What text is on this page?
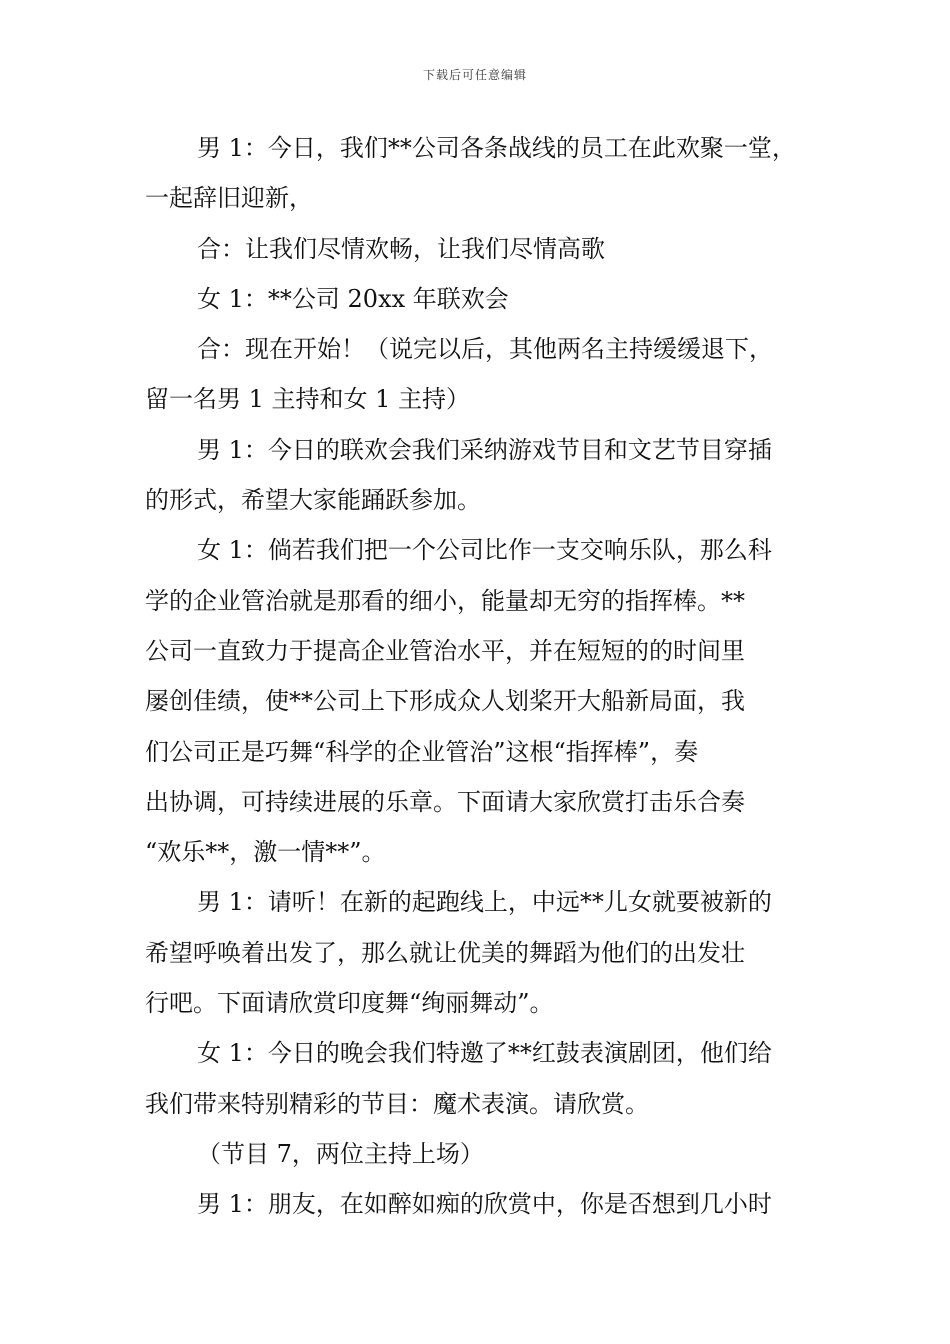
下载后可任意编辑
男 1：今日，我们**公司各条战线的员工在此欢聚一堂，
一起辞旧迎新，
合：让我们尽情欢畅，让我们尽情高歌
女 1：**公司 20xx 年联欢会
合：现在开始！（说完以后，其他两名主持缓缓退下，
留一名男 1 主持和女 1 主持）
男 1：今日的联欢会我们采纳游戏节目和文艺节目穿插
的形式，希望大家能踊跃参加。
女 1：倘若我们把一个公司比作一支交响乐队，那么科
学的企业管治就是那看的细小，能量却无穷的指挥棒。**
公司一直致力于提高企业管治水平，并在短短的的时间里
屡创佳绩，使**公司上下形成众人划桨开大船新局面，我
们公司正是巧舞“科学的企业管治”这根“指挥棒”，奏
出协调，可持续进展的乐章。下面请大家欣赏打击乐合奏
“欢乐**，激一情**”。
男 1：请听！在新的起跑线上，中远**儿女就要被新的
希望呼唤着出发了，那么就让优美的舞蹈为他们的出发壮
行吧。下面请欣赏印度舞“绚丽舞动”。
女 1：今日的晚会我们特邀了**红鼓表演剧团，他们给
我们带来特别精彩的节目：魔术表演。请欣赏。
（节目 7，两位主持上场）
男 1：朋友，在如醉如痴的欣赏中，你是否想到几小时
